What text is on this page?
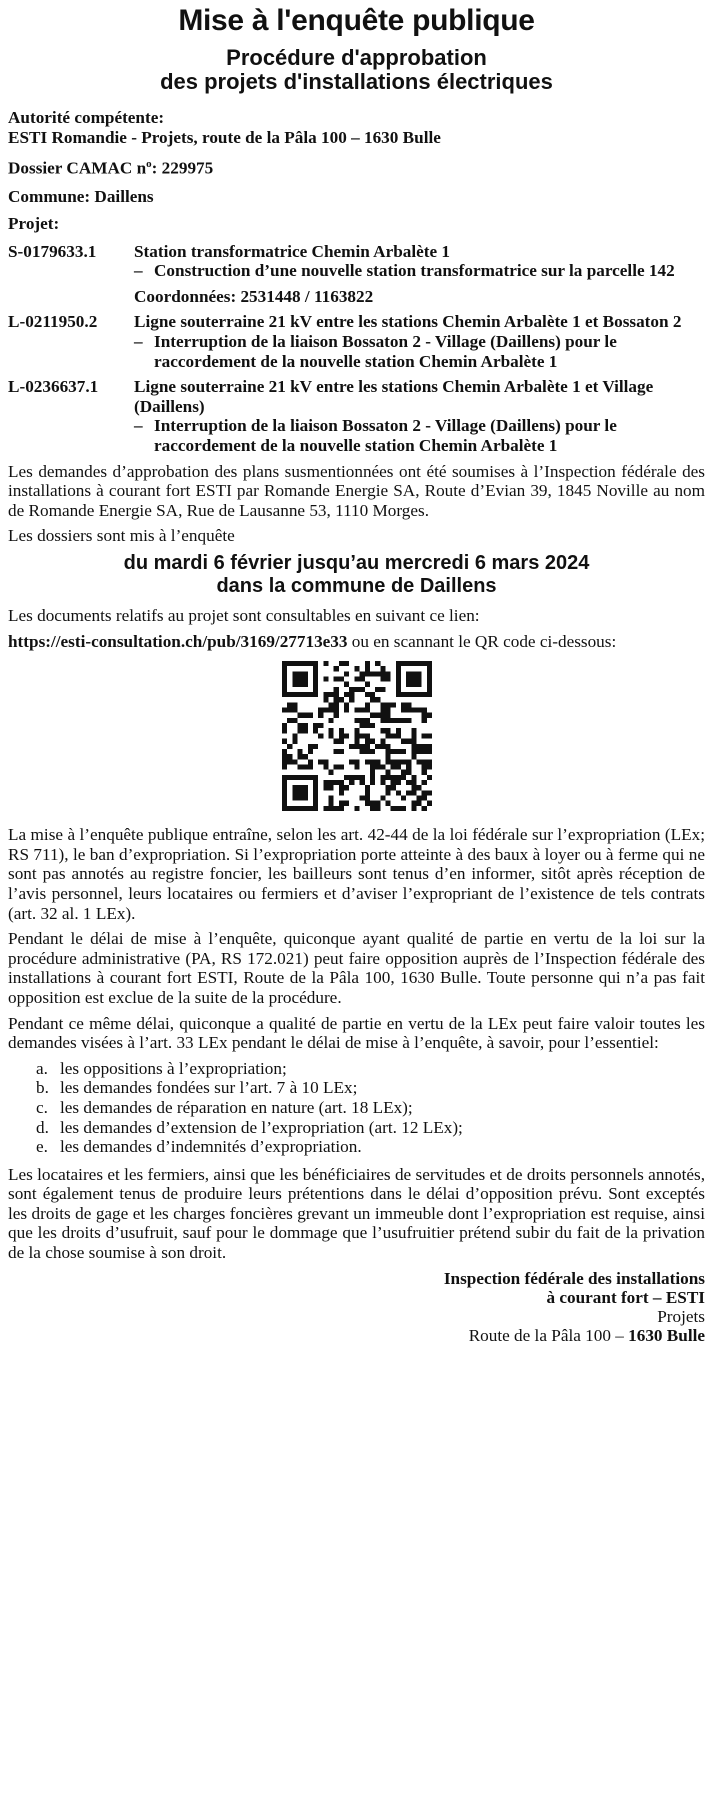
Mise à l'enquête publique
Procédure d'approbation
des projets d'installations électriques
Autorité compétente:
ESTI Romandie - Projets, route de la Pâla 100 – 1630 Bulle
Dossier CAMAC $n^o$: 229975
Commune: Daillens
Projet:
S-0179633.1 Station transformatrice Chemin Arbalète 1
– Construction d’une nouvelle station transformatrice sur la parcelle 142
Coordonnées: 2531448 / 1163822
L-0211950.2 Ligne souterraine 21 kV entre les stations Chemin Arbalète 1 et Bossaton 2
– Interruption de la liaison Bossaton 2 - Village (Daillens) pour le raccordement de la nouvelle station Chemin Arbalète 1
L-0236637.1 Ligne souterraine 21 kV entre les stations Chemin Arbalète 1 et Village (Daillens)
– Interruption de la liaison Bossaton 2 - Village (Daillens) pour le raccordement de la nouvelle station Chemin Arbalète 1

Les demandes d’approbation des plans susmentionnées ont été soumises à l’Inspection fédérale des installations à courant fort ESTI par Romande Energie SA, Route d’Evian 39, 1845 Noville au nom de Romande Energie SA, Rue de Lausanne 53, 1110 Morges.

Les dossiers sont mis à l’enquête

du mardi 6 février jusqu’au mercredi 6 mars 2024
dans la commune de Daillens

Les documents relatifs au projet sont consultables en suivant ce lien:

https://esti-consultation.ch/pub/3169/27713e33 ou en scannant le QR code ci-dessous:

La mise à l’enquête publique entraîne, selon les art. 42-44 de la loi fédérale sur l’expropriation (LEx; RS 711), le ban d’expropriation. Si l’expropriation porte atteinte à des baux à loyer ou à ferme qui ne sont pas annotés au registre foncier, les bailleurs sont tenus d’en informer, sitôt après réception de l’avis personnel, leurs locataires ou fermiers et d’aviser l’expropriant de l’existence de tels contrats (art. 32 al. 1 LEx).

Pendant le délai de mise à l’enquête, quiconque ayant qualité de partie en vertu de la loi sur la procédure administrative (PA, RS 172.021) peut faire opposition auprès de l’Inspection fédérale des installations à courant fort ESTI, Route de la Pâla 100, 1630 Bulle. Toute personne qui n’a pas fait opposition est exclue de la suite de la procédure.

Pendant ce même délai, quiconque a qualité de partie en vertu de la LEx peut faire valoir toutes les demandes visées à l’art. 33 LEx pendant le délai de mise à l’enquête, à savoir, pour l’essentiel:

a. les oppositions à l’expropriation;
b. les demandes fondées sur l’art. 7 à 10 LEx;
c. les demandes de réparation en nature (art. 18 LEx);
d. les demandes d’extension de l’expropriation (art. 12 LEx);
e. les demandes d’indemnités d’expropriation.

Les locataires et les fermiers, ainsi que les bénéficiaires de servitudes et de droits personnels annotés, sont également tenus de produire leurs prétentions dans le délai d’opposition prévu. Sont exceptés les droits de gage et les charges foncières grevant un immeuble dont l’expropriation est requise, ainsi que les droits d’usufruit, sauf pour le dommage que l’usufruitier prétend subir du fait de la privation de la chose soumise à son droit.

Inspection fédérale des installations
à courant fort – ESTI
Projets
Route de la Pâla 100 – 1630 Bulle
